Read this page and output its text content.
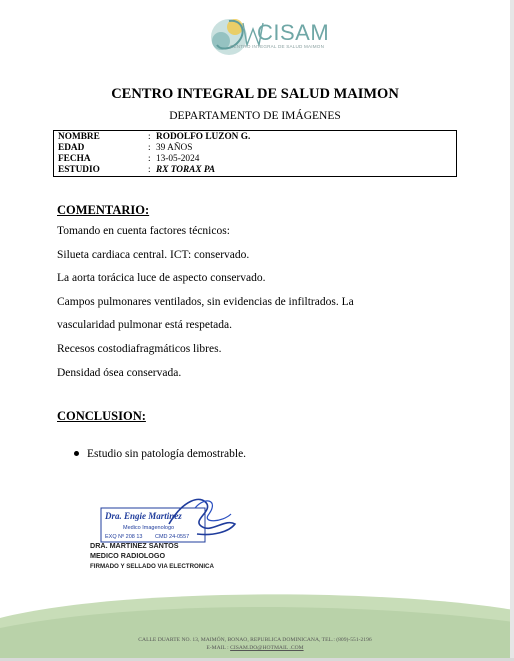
CISAM
CENTRO INTEGRAL DE SALUD MAIMON
CENTRO INTEGRAL DE SALUD MAIMON
DEPARTAMENTO DE IMÁGENES
NOMBRE	: RODOLFO LUZON G.
EDAD	: 39 AÑOS
FECHA	: 13-05-2024
ESTUDIO	: RX TORAX PA
COMENTARIO:

Tomando en cuenta factores técnicos:

Silueta cardiaca central. ICT: conservado.

La aorta torácica luce de aspecto conservado.

Campos pulmonares ventilados, sin evidencias de infiltrados. La

vascularidad pulmonar está respetada.

Recesos costodiafragmáticos libres.

Densidad ósea conservada.

CONCLUSION:
Estudio sin patología demostrable.
Dra. Engie Martinez
Medico Imagenologo
EXQ Nº 208 13 CMD 24-0557
DRA. MARTINEZ SANTOS
MEDICO RADIOLOGO
FIRMADO Y SELLADO VIA ELECTRONICA
CALLE DUARTE NO. 13, MAIMÓN, BONAO, REPUBLICA DOMINICANA, TEL.: (809)-551-2196
E-MAIL : CISAM.DO@HOTMAIL .COM
